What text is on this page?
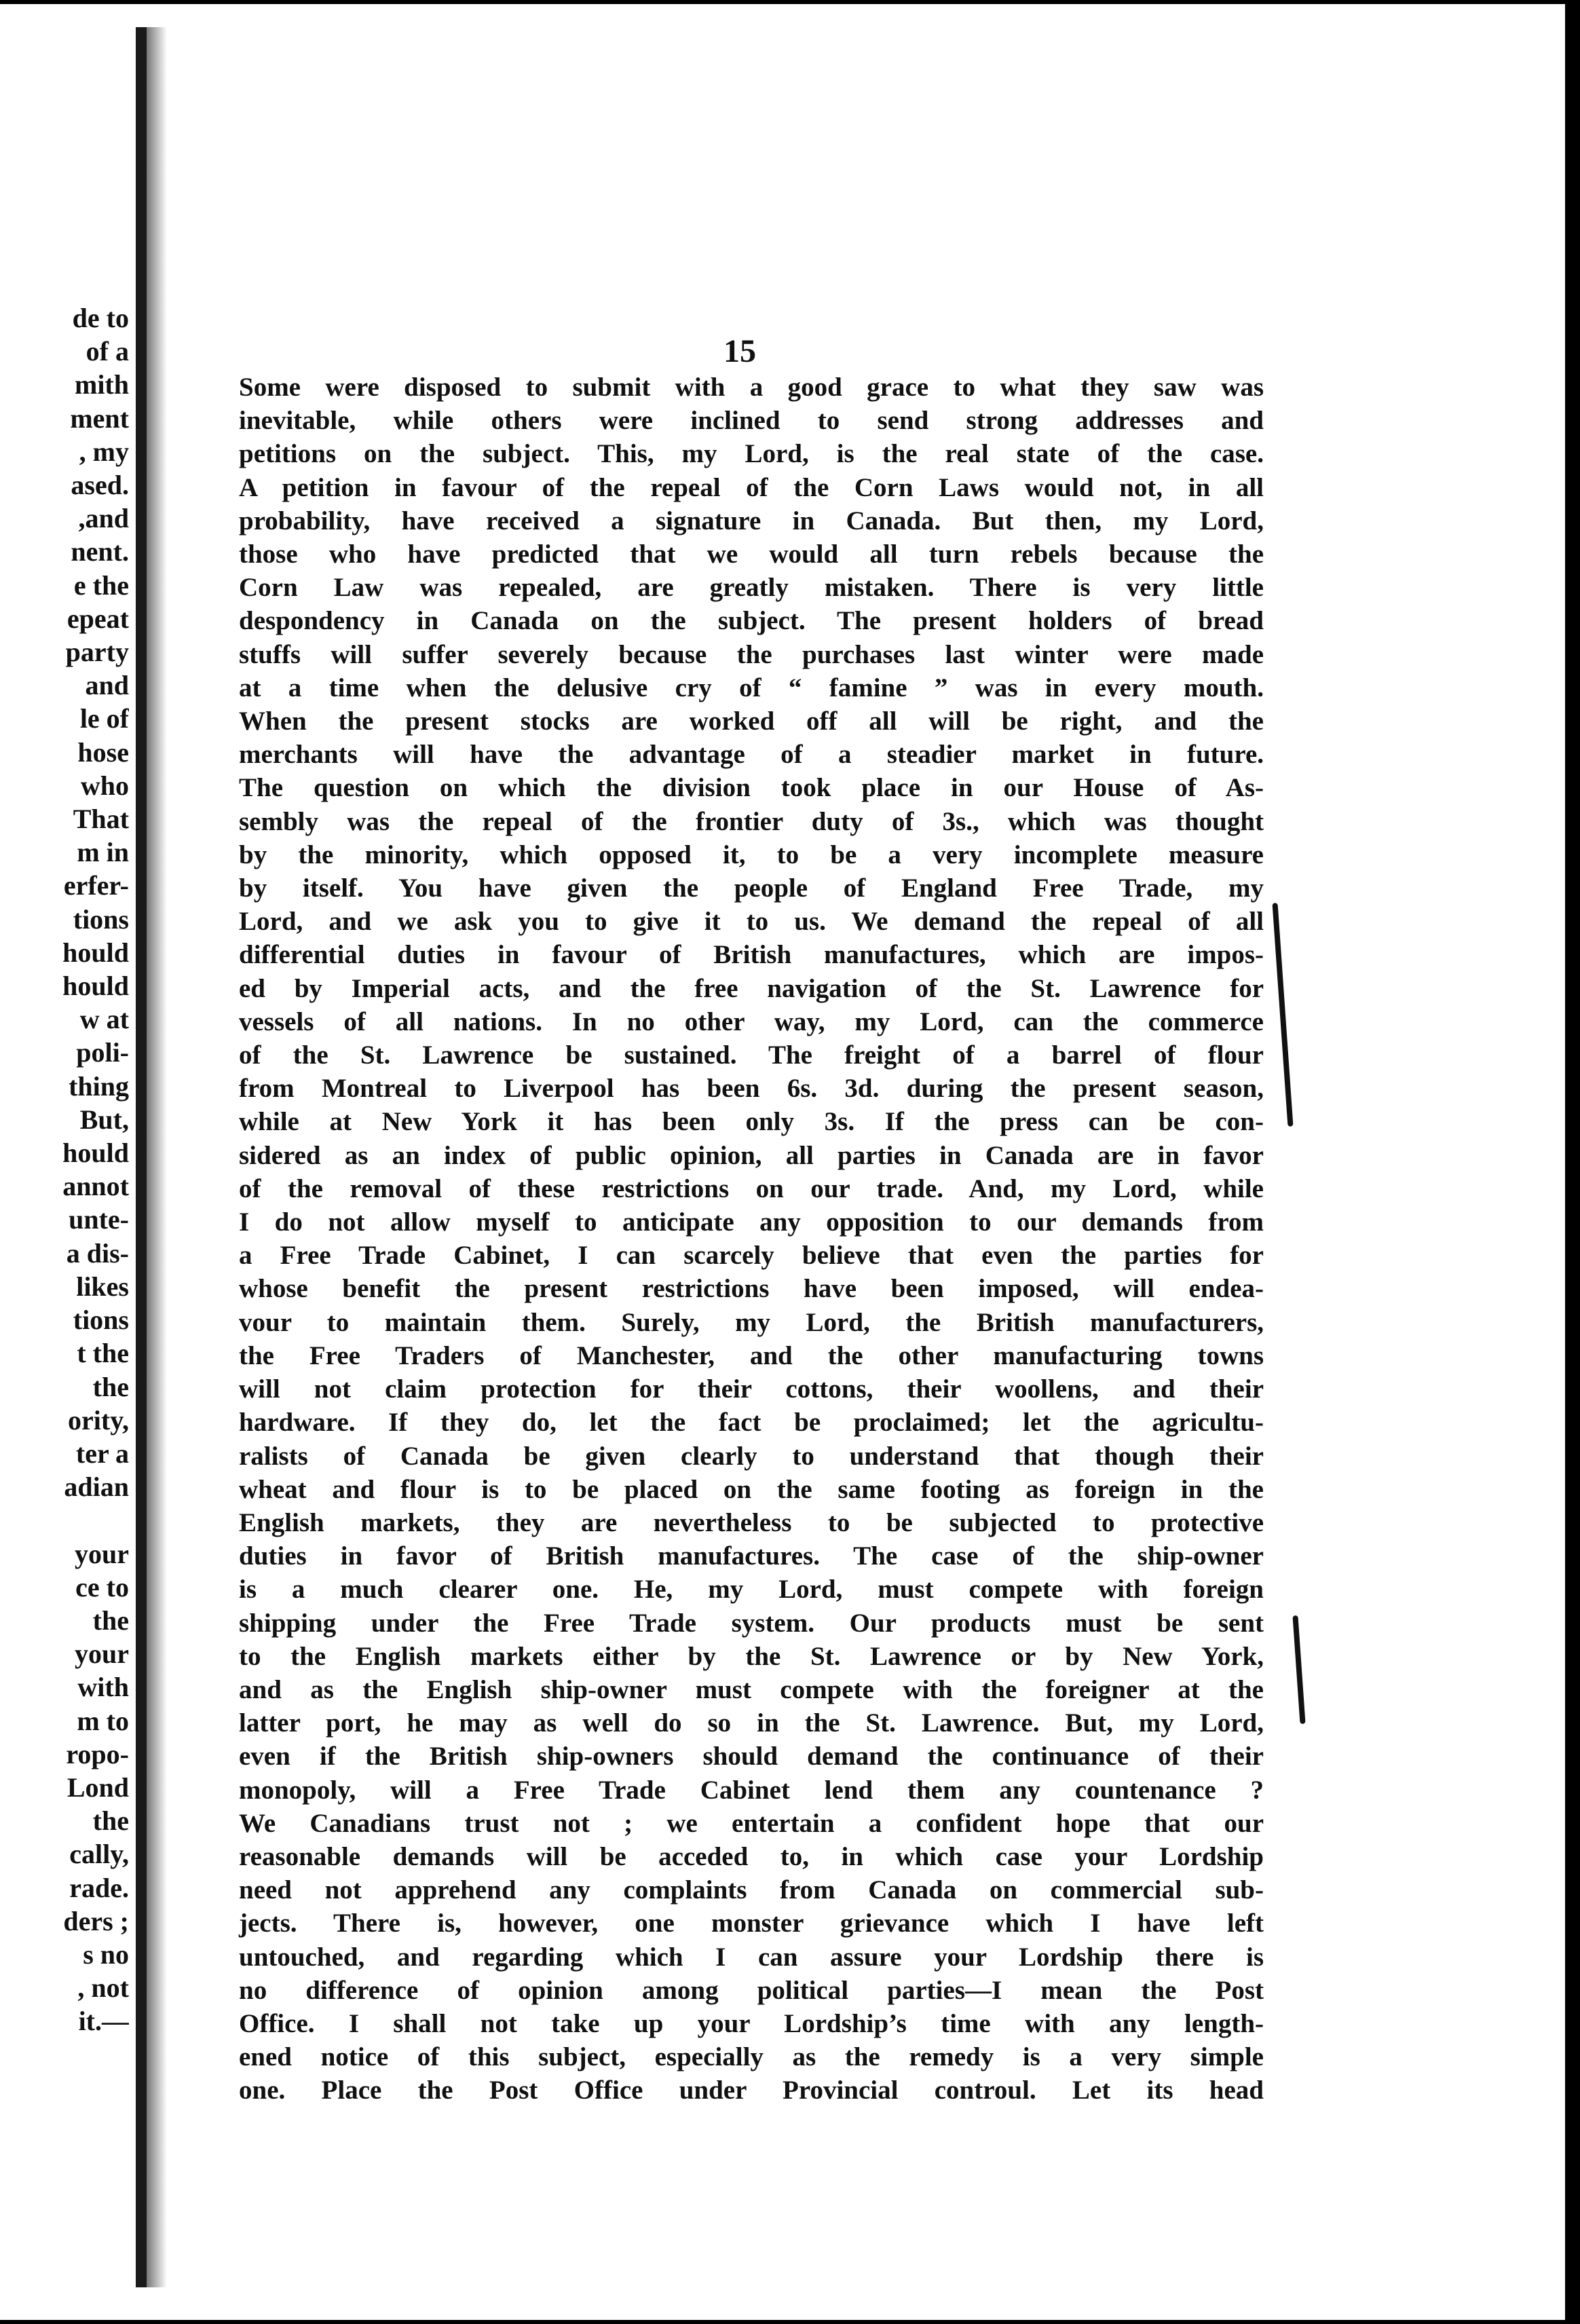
de to
of a
mith
ment
, my
ased.
,and
nent.
e the
epeat
party
and
le of
hose
who
That
m in
erfer-
tions
hould
hould
w at
poli-
thing
But,
hould
annot
unte-
a dis-
likes
tions
t the
the
ority,
ter a
adian

your
ce to
the
your
with
m to
ropo-
Lond
the
cally,
rade.
ders ;
s no
, not
it.—
15
Some were disposed to submit with a good grace to what they saw was
inevitable, while others were inclined to send strong addresses and
petitions on the subject. This, my Lord, is the real state of the case.
A petition in favour of the repeal of the Corn Laws would not, in all
probability, have received a signature in Canada. But then, my Lord,
those who have predicted that we would all turn rebels because the
Corn Law was repealed, are greatly mistaken. There is very little
despondency in Canada on the subject. The present holders of bread
stuffs will suffer severely because the purchases last winter were made
at a time when the delusive cry of “ famine ” was in every mouth.
When the present stocks are worked off all will be right, and the
merchants will have the advantage of a steadier market in future.
The question on which the division took place in our House of As-
sembly was the repeal of the frontier duty of 3s., which was thought
by the minority, which opposed it, to be a very incomplete measure
by itself. You have given the people of England Free Trade, my
Lord, and we ask you to give it to us. We demand the repeal of all
differential duties in favour of British manufactures, which are impos-
ed by Imperial acts, and the free navigation of the St. Lawrence for
vessels of all nations. In no other way, my Lord, can the commerce
of the St. Lawrence be sustained. The freight of a barrel of flour
from Montreal to Liverpool has been 6s. 3d. during the present season,
while at New York it has been only 3s. If the press can be con-
sidered as an index of public opinion, all parties in Canada are in favor
of the removal of these restrictions on our trade. And, my Lord, while
I do not allow myself to anticipate any opposition to our demands from
a Free Trade Cabinet, I can scarcely believe that even the parties for
whose benefit the present restrictions have been imposed, will endea-
vour to maintain them. Surely, my Lord, the British manufacturers,
the Free Traders of Manchester, and the other manufacturing towns
will not claim protection for their cottons, their woollens, and their
hardware. If they do, let the fact be proclaimed; let the agricultu-
ralists of Canada be given clearly to understand that though their
wheat and flour is to be placed on the same footing as foreign in the
English markets, they are nevertheless to be subjected to protective
duties in favor of British manufactures. The case of the ship-owner
is a much clearer one. He, my Lord, must compete with foreign
shipping under the Free Trade system. Our products must be sent
to the English markets either by the St. Lawrence or by New York,
and as the English ship-owner must compete with the foreigner at the
latter port, he may as well do so in the St. Lawrence. But, my Lord,
even if the British ship-owners should demand the continuance of their
monopoly, will a Free Trade Cabinet lend them any countenance ?
We Canadians trust not ; we entertain a confident hope that our
reasonable demands will be acceded to, in which case your Lordship
need not apprehend any complaints from Canada on commercial sub-
jects. There is, however, one monster grievance which I have left
untouched, and regarding which I can assure your Lordship there is
no difference of opinion among political parties—I mean the Post
Office. I shall not take up your Lordship’s time with any length-
ened notice of this subject, especially as the remedy is a very simple
one. Place the Post Office under Provincial controul. Let its head
